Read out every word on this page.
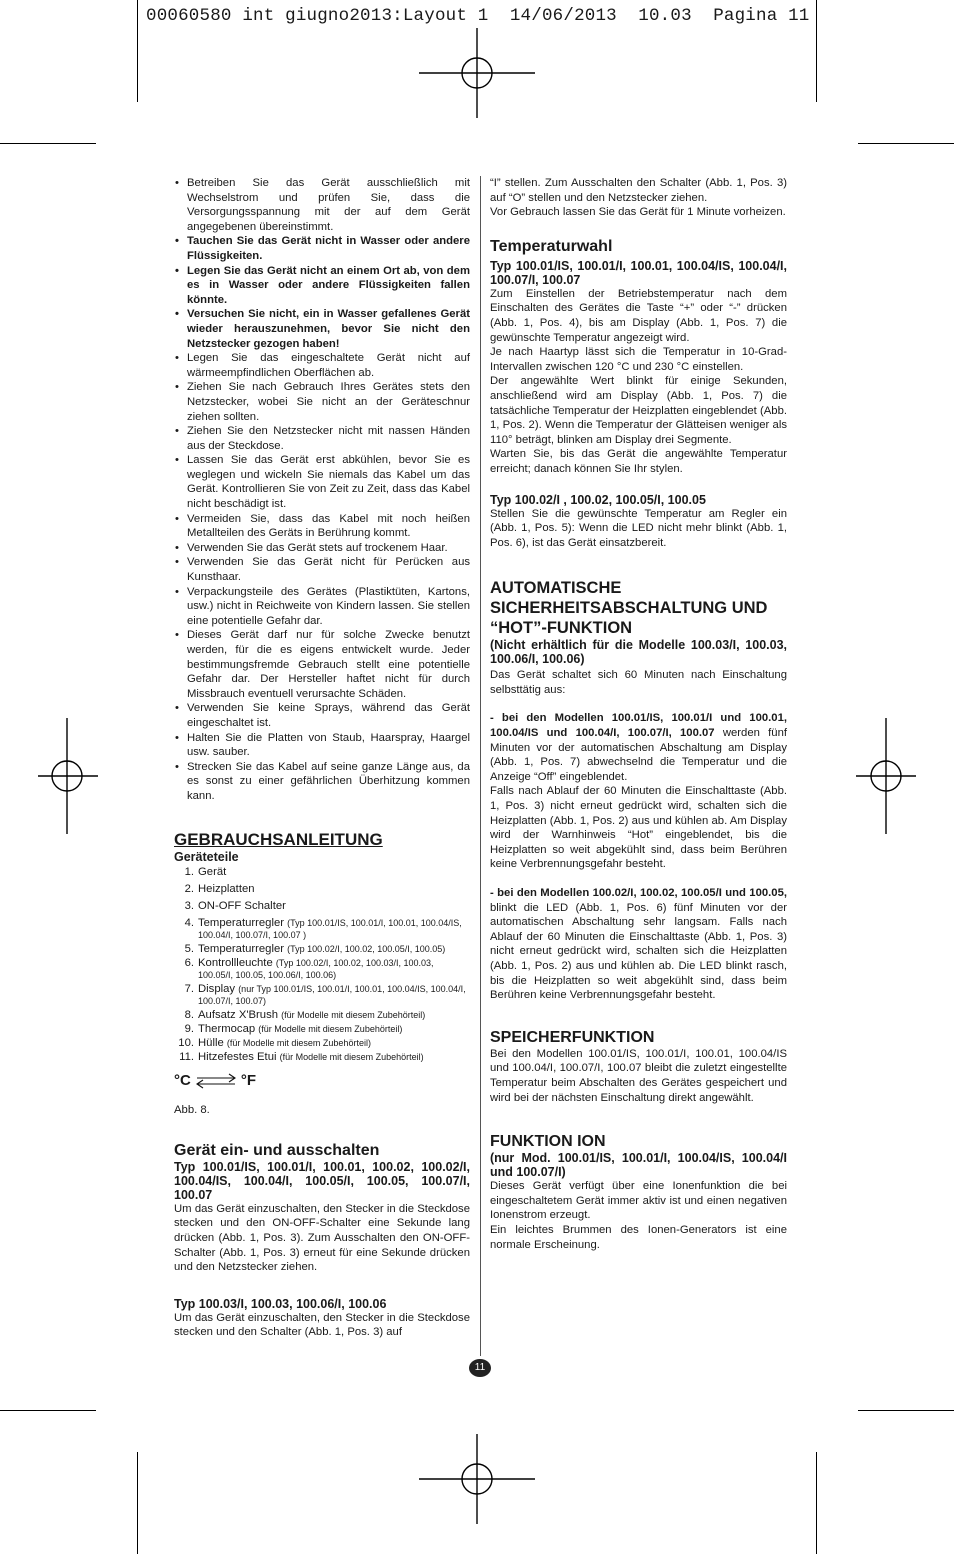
00060580 int giugno2013:Layout 1  14/06/2013  10.03  Pagina 11
• Betreiben Sie das Gerät ausschließlich mit Wechselstrom und prüfen Sie, dass die Versorgungsspannung mit der auf dem Gerät angegebenen übereinstimmt.
• Tauchen Sie das Gerät nicht in Wasser oder andere Flüssigkeiten.
• Legen Sie das Gerät nicht an einem Ort ab, von dem es in Wasser oder andere Flüssigkeiten fallen könnte.
• Versuchen Sie nicht, ein in Wasser gefallenes Gerät wieder herauszunehmen, bevor Sie nicht den Netzstecker gezogen haben!
• Legen Sie das eingeschaltete Gerät nicht auf wärmeempfindlichen Oberflächen ab.
• Ziehen Sie nach Gebrauch Ihres Gerätes stets den Netzstecker, wobei Sie nicht an der Geräteschnur ziehen sollten.
• Ziehen Sie den Netzstecker nicht mit nassen Händen aus der Steckdose.
• Lassen Sie das Gerät erst abkühlen, bevor Sie es weglegen und wickeln Sie niemals das Kabel um das Gerät. Kontrollieren Sie von Zeit zu Zeit, dass das Kabel nicht beschädigt ist.
• Vermeiden Sie, dass das Kabel mit noch heißen Metallteilen des Geräts in Berührung kommt.
• Verwenden Sie das Gerät stets auf trockenem Haar.
• Verwenden Sie das Gerät nicht für Perücken aus Kunsthaar.
• Verpackungsteile des Gerätes (Plastiktüten, Kartons, usw.) nicht in Reichweite von Kindern lassen. Sie stellen eine potentielle Gefahr dar.
• Dieses Gerät darf nur für solche Zwecke benutzt werden, für die es eigens entwickelt wurde. Jeder bestimmungsfremde Gebrauch stellt eine potentielle Gefahr dar. Der Hersteller haftet nicht für durch Missbrauch eventuell verursachte Schäden.
• Verwenden Sie keine Sprays, während das Gerät eingeschaltet ist.
• Halten Sie die Platten von Staub, Haarspray, Haargel usw. sauber.
• Strecken Sie das Kabel auf seine ganze Länge aus, da es sonst zu einer gefährlichen Überhitzung kommen kann.
GEBRAUCHSANLEITUNG
Geräteteile
1. Gerät
2. Heizplatten
3. ON-OFF Schalter
4. Temperaturregler (Typ 100.01/IS, 100.01/I, 100.01, 100.04/IS, 100.04/I, 100.07/I, 100.07 )
5. Temperaturregler (Typ 100.02/I, 100.02, 100.05/I, 100.05)
6. Kontrollleuchte (Typ 100.02/I, 100.02, 100.03/I, 100.03, 100.05/I, 100.05, 100.06/I, 100.06)
7. Display (nur Typ 100.01/IS, 100.01/I, 100.01, 100.04/IS, 100.04/I, 100.07/I, 100.07)
8. Aufsatz X'Brush (für Modelle mit diesem Zubehörteil)
9. Thermocap (für Modelle mit diesem Zubehörteil)
10. Hülle (für Modelle mit diesem Zubehörteil)
11. Hitzefestes Etui (für Modelle mit diesem Zubehörteil)
°C	°F
Abb. 8.
Gerät ein- und ausschalten

Typ 100.01/IS, 100.01/I, 100.01, 100.02, 100.02/I, 100.04/IS, 100.04/I, 100.05/I, 100.05, 100.07/I, 100.07

Um das Gerät einzuschalten, den Stecker in die Steckdose stecken und den ON-OFF-Schalter eine Sekunde lang drücken (Abb. 1, Pos. 3). Zum Ausschalten den ON-OFF-Schalter (Abb. 1, Pos. 3) erneut für eine Sekunde drücken und den Netzstecker ziehen.

Typ 100.03/I, 100.03, 100.06/I, 100.06

Um das Gerät einzuschalten, den Stecker in die Steckdose stecken und den Schalter (Abb. 1, Pos. 3) auf

“I” stellen. Zum Ausschalten den Schalter (Abb. 1, Pos. 3) auf “O” stellen und den Netzstecker ziehen.

Vor Gebrauch lassen Sie das Gerät für 1 Minute vorheizen.

Temperaturwahl

Typ 100.01/IS, 100.01/I, 100.01, 100.04/IS, 100.04/I, 100.07/I, 100.07

Zum Einstellen der Betriebstemperatur nach dem Einschalten des Gerätes die Taste “+” oder “-” drücken (Abb. 1, Pos. 4), bis am Display (Abb. 1, Pos. 7) die gewünschte Temperatur angezeigt wird.

Je nach Haartyp lässt sich die Temperatur in 10-Grad-Intervallen zwischen 120 °C und 230 °C einstellen.

Der angewählte Wert blinkt für einige Sekunden, anschließend wird am Display (Abb. 1, Pos. 7) die tatsächliche Temperatur der Heizplatten eingeblendet (Abb. 1, Pos. 2). Wenn die Temperatur der Glätteisen weniger als 110° beträgt, blinken am Display drei Segmente.

Warten Sie, bis das Gerät die angewählte Temperatur erreicht; danach können Sie Ihr stylen.

Typ 100.02/I , 100.02, 100.05/I, 100.05

Stellen Sie die gewünschte Temperatur am Regler ein (Abb. 1, Pos. 5): Wenn die LED nicht mehr blinkt (Abb. 1, Pos. 6), ist das Gerät einsatzbereit.

AUTOMATISCHE SICHERHEITSABSCHALTUNG UND “HOT”-FUNKTION

(Nicht erhältlich für die Modelle 100.03/I, 100.03, 100.06/I, 100.06)

Das Gerät schaltet sich 60 Minuten nach Einschaltung selbsttätig aus:

- bei den Modellen 100.01/IS, 100.01/I und 100.01, 100.04/IS und 100.04/I, 100.07/I, 100.07 werden fünf Minuten vor der automatischen Abschaltung am Display (Abb. 1, Pos. 7) abwechselnd die Temperatur und die Anzeige “Off” eingeblendet.

Falls nach Ablauf der 60 Minuten die Einschalttaste (Abb. 1, Pos. 3) nicht erneut gedrückt wird, schalten sich die Heizplatten (Abb. 1, Pos. 2) aus und kühlen ab. Am Display wird der Warnhinweis “Hot” eingeblendet, bis die Heizplatten so weit abgekühlt sind, dass beim Berühren keine Verbrennungsgefahr besteht.

- bei den Modellen 100.02/I, 100.02, 100.05/I und 100.05, blinkt die LED (Abb. 1, Pos. 6) fünf Minuten vor der automatischen Abschaltung sehr langsam. Falls nach Ablauf der 60 Minuten die Einschalttaste (Abb. 1, Pos. 3) nicht erneut gedrückt wird, schalten sich die Heizplatten (Abb. 1, Pos. 2) aus und kühlen ab. Die LED blinkt rasch, bis die Heizplatten so weit abgekühlt sind, dass beim Berühren keine Verbrennungsgefahr besteht.

SPEICHERFUNKTION

Bei den Modellen 100.01/IS, 100.01/I, 100.01, 100.04/IS und 100.04/I, 100.07/I, 100.07 bleibt die zuletzt eingestellte Temperatur beim Abschalten des Gerätes gespeichert und wird bei der nächsten Einschaltung direkt angewählt.

FUNKTION ION

(nur Mod. 100.01/IS, 100.01/I, 100.04/IS, 100.04/I und 100.07/I)

Dieses Gerät verfügt über eine Ionenfunktion die bei eingeschaltetem Gerät immer aktiv ist und einen negativen Ionenstrom erzeugt.

Ein leichtes Brummen des Ionen-Generators ist eine normale Erscheinung.

11
